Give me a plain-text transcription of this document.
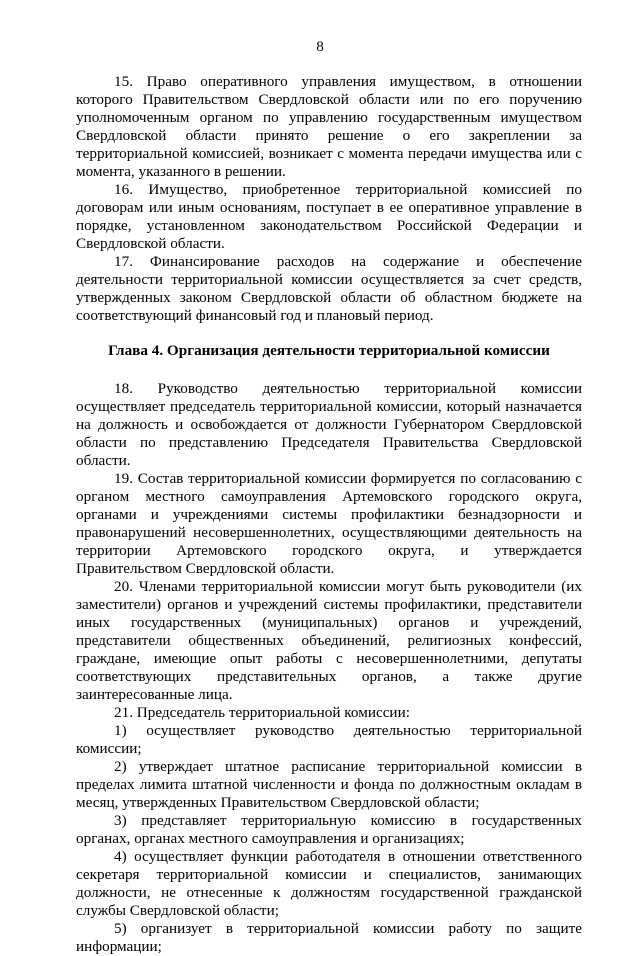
8

15. Право оперативного управления имуществом, в отношении которого Правительством Свердловской области или по его поручению уполномоченным органом по управлению государственным имуществом Свердловской области принято решение о его закреплении за территориальной комиссией, возникает с момента передачи имущества или с момента, указанного в решении.

16. Имущество, приобретенное территориальной комиссией по договорам или иным основаниям, поступает в ее оперативное управление в порядке, установленном законодательством Российской Федерации и Свердловской области.

17. Финансирование расходов на содержание и обеспечение деятельности территориальной комиссии осуществляется за счет средств, утвержденных законом Свердловской области об областном бюджете на соответствующий финансовый год и плановый период.

Глава 4. Организация деятельности территориальной комиссии

18. Руководство деятельностью территориальной комиссии осуществляет председатель территориальной комиссии, который назначается на должность и освобождается от должности Губернатором Свердловской области по представлению Председателя Правительства Свердловской области.

19. Состав территориальной комиссии формируется по согласованию с органом местного самоуправления Артемовского городского округа, органами и учреждениями системы профилактики безнадзорности и правонарушений несовершеннолетних, осуществляющими деятельность на территории Артемовского городского округа, и утверждается Правительством Свердловской области.

20. Членами территориальной комиссии могут быть руководители (их заместители) органов и учреждений системы профилактики, представители иных государственных (муниципальных) органов и учреждений, представители общественных объединений, религиозных конфессий, граждане, имеющие опыт работы с несовершеннолетними, депутаты соответствующих представительных органов, а также другие заинтересованные лица.

21. Председатель территориальной комиссии:

1) осуществляет руководство деятельностью территориальной комиссии;

2) утверждает штатное расписание территориальной комиссии в пределах лимита штатной численности и фонда по должностным окладам в месяц, утвержденных Правительством Свердловской области;

3) представляет территориальную комиссию в государственных органах, органах местного самоуправления и организациях;

4) осуществляет функции работодателя в отношении ответственного секретаря территориальной комиссии и специалистов, занимающих должности, не отнесенные к должностям государственной гражданской службы Свердловской области;

5) организует в территориальной комиссии работу по защите информации;
